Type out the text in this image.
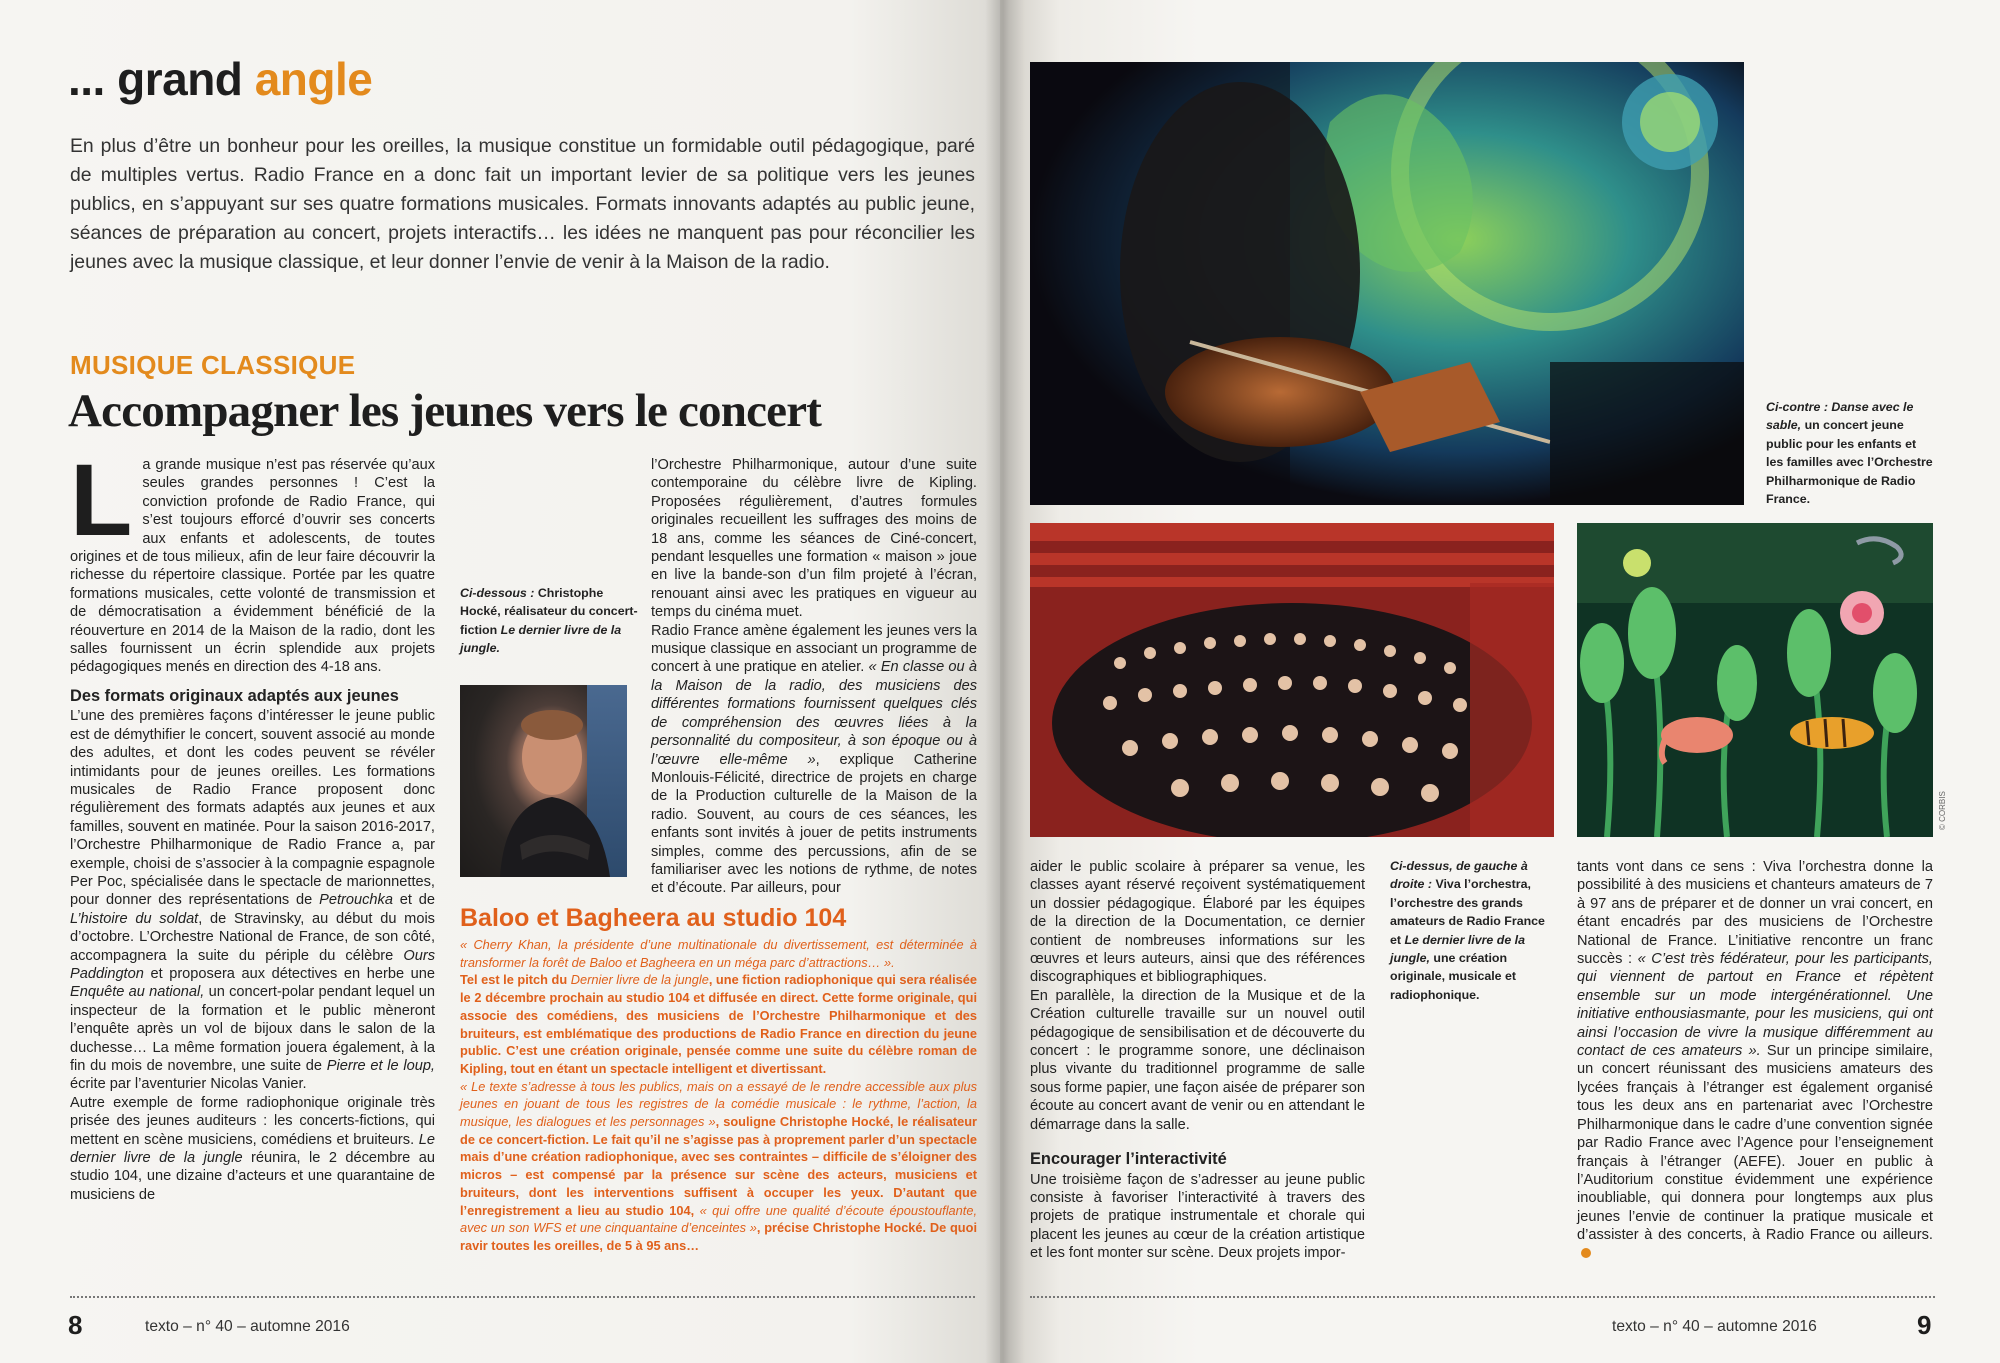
... grand angle
En plus d’être un bonheur pour les oreilles, la musique constitue un formidable outil pédagogique, paré de multiples vertus. Radio France en a donc fait un important levier de sa politique vers les jeunes publics, en s’appuyant sur ses quatre formations musicales. Formats innovants adaptés au public jeune, séances de préparation au concert, projets interactifs… les idées ne manquent pas pour réconcilier les jeunes avec la musique classique, et leur donner l’envie de venir à la Maison de la radio.
MUSIQUE CLASSIQUE
Accompagner les jeunes vers le concert

La grande musique n’est pas réservée qu’aux seules grandes personnes ! C’est la conviction profonde de Radio France, qui s’est toujours efforcé d’ouvrir ses concerts aux enfants et adolescents, de toutes origines et de tous milieux, afin de leur faire découvrir la richesse du répertoire classique. Portée par les quatre formations musicales, cette volonté de transmission et de démocratisation a évidemment bénéficié de la réouverture en 2014 de la Maison de la radio, dont les salles fournissent un écrin splendide aux projets pédagogiques menés en direction des 4-18 ans.

Des formats originaux adaptés aux jeunes

L’une des premières façons d’intéresser le jeune public est de démythifier le concert, souvent associé au monde des adultes, et dont les codes peuvent se révéler intimidants pour de jeunes oreilles. Les formations musicales de Radio France proposent donc régulièrement des formats adaptés aux jeunes et aux familles, souvent en matinée. Pour la saison 2016-2017, l’Orchestre Philharmonique de Radio France a, par exemple, choisi de s’associer à la compagnie espagnole Per Poc, spécialisée dans le spectacle de marionnettes, pour donner des représentations de Petrouchka et de L’histoire du soldat, de Stravinsky, au début du mois d’octobre. L’Orchestre National de France, de son côté, accompagnera la suite du périple du célèbre Ours Paddington et proposera aux détectives en herbe une Enquête au national, un concert-polar pendant lequel un inspecteur de la formation et le public mèneront l’enquête après un vol de bijoux dans le salon de la duchesse… La même formation jouera également, à la fin du mois de novembre, une suite de Pierre et le loup, écrite par l’aventurier Nicolas Vanier.

Autre exemple de forme radiophonique originale très prisée des jeunes auditeurs : les concerts-fictions, qui mettent en scène musiciens, comédiens et bruiteurs. Le dernier livre de la jungle réunira, le 2 décembre au studio 104, une dizaine d’acteurs et une quarantaine de musiciens de

Ci-dessous : Christophe Hocké, réalisateur du concert-fiction Le dernier livre de la jungle.

l’Orchestre Philharmonique, autour d’une suite contemporaine du célèbre livre de Kipling. Proposées régulièrement, d’autres formules originales recueillent les suffrages des moins de 18 ans, comme les séances de Ciné-concert, pendant lesquelles une formation « maison » joue en live la bande-son d’un film projeté à l’écran, renouant ainsi avec les pratiques en vigueur au temps du cinéma muet.

Radio France amène également les jeunes vers la musique classique en associant un programme de concert à une pratique en atelier. « En classe ou à la Maison de la radio, des musiciens des différentes formations fournissent quelques clés de compréhension des œuvres liées à la personnalité du compositeur, à son époque ou à l’œuvre elle-même », explique Catherine Monlouis-Félicité, directrice de projets en charge de la Production culturelle de la Maison de la radio. Souvent, au cours de ces séances, les enfants sont invités à jouer de petits instruments simples, comme des percussions, afin de se familiariser avec les notions de rythme, de notes et d’écoute. Par ailleurs, pour

Baloo et Bagheera au studio 104

« Cherry Khan, la présidente d’une multinationale du divertissement, est déterminée à transformer la forêt de Baloo et Bagheera en un méga parc d’attractions… ».

Tel est le pitch du Dernier livre de la jungle, une fiction radiophonique qui sera réalisée le 2 décembre prochain au studio 104 et diffusée en direct. Cette forme originale, qui associe des comédiens, des musiciens de l’Orchestre Philharmonique et des bruiteurs, est emblématique des productions de Radio France en direction du jeune public. C’est une création originale, pensée comme une suite du célèbre roman de Kipling, tout en étant un spectacle intelligent et divertissant.

« Le texte s’adresse à tous les publics, mais on a essayé de le rendre accessible aux plus jeunes en jouant de tous les registres de la comédie musicale : le rythme, l’action, la musique, les dialogues et les personnages », souligne Christophe Hocké, le réalisateur de ce concert-fiction. Le fait qu’il ne s’agisse pas à proprement parler d’un spectacle mais d’une création radiophonique, avec ses contraintes – difficile de s’éloigner des micros – est compensé par la présence sur scène des acteurs, musiciens et bruiteurs, dont les interventions suffisent à occuper les yeux. D’autant que l’enregistrement a lieu au studio 104, « qui offre une qualité d’écoute époustouflante, avec un son WFS et une cinquantaine d’enceintes », précise Christophe Hocké. De quoi ravir toutes les oreilles, de 5 à 95 ans…

8	texto – n° 40 – automne 2016
Ci-contre : Danse avec le sable, un concert jeune public pour les enfants et les familles avec l’Orchestre Philharmonique de Radio France.
© CORBIS

aider le public scolaire à préparer sa venue, les classes ayant réservé reçoivent systématiquement un dossier pédagogique. Élaboré par les équipes de la direction de la Documentation, ce dernier contient de nombreuses informations sur les œuvres et leurs auteurs, ainsi que des références discographiques et bibliographiques.

En parallèle, la direction de la Musique et de la Création culturelle travaille sur un nouvel outil pédagogique de sensibilisation et de découverte du concert : le programme sonore, une déclinaison plus vivante du traditionnel programme de salle sous forme papier, une façon aisée de préparer son écoute au concert avant de venir ou en attendant le démarrage dans la salle.

Encourager l’interactivité

Une troisième façon de s’adresser au jeune public consiste à favoriser l’interactivité à travers des projets de pratique instrumentale et chorale qui placent les jeunes au cœur de la création artistique et les font monter sur scène. Deux projets impor-

Ci-dessus, de gauche à droite : Viva l’orchestra, l’orchestre des grands amateurs de Radio France et Le dernier livre de la jungle, une création originale, musicale et radiophonique.

tants vont dans ce sens : Viva l’orchestra donne la possibilité à des musiciens et chanteurs amateurs de 7 à 97 ans de préparer et de donner un vrai concert, en étant encadrés par des musiciens de l’Orchestre National de France. L’initiative rencontre un franc succès : « C’est très fédérateur, pour les participants, qui viennent de partout en France et répètent ensemble sur un mode intergénérationnel. Une initiative enthousiasmante, pour les musiciens, qui ont ainsi l’occasion de vivre la musique différemment au contact de ces amateurs ». Sur un principe similaire, un concert réunissant des musiciens amateurs des lycées français à l’étranger est également organisé tous les deux ans en partenariat avec l’Orchestre Philharmonique dans le cadre d’une convention signée par Radio France avec l’Agence pour l’enseignement français à l’étranger (AEFE). Jouer en public à l’Auditorium constitue évidemment une expérience inoubliable, qui donnera pour longtemps aux plus jeunes l’envie de continuer la pratique musicale et d’assister à des concerts, à Radio France ou ailleurs.

texto – n° 40 – automne 2016	9
